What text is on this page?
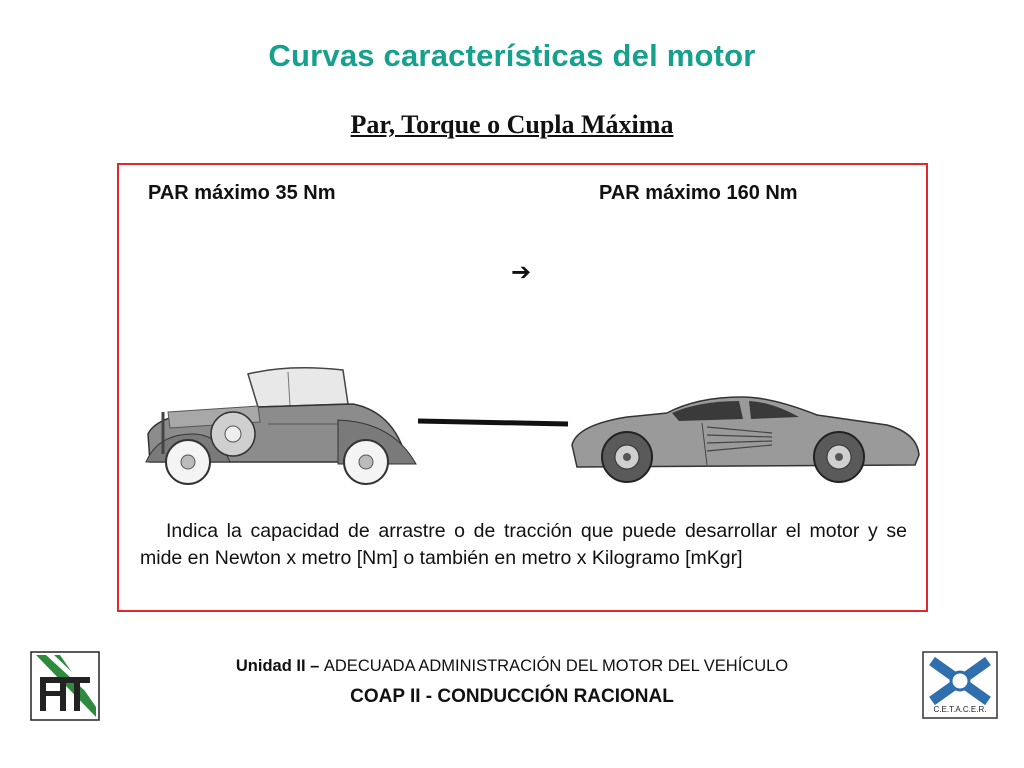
Curvas características del motor
Par, Torque o Cupla Máxima
PAR máximo 35 Nm	PAR máximo 160 Nm
➔
Indica la capacidad de arrastre o de tracción que puede desarrollar el motor y se mide en Newton x metro [Nm] o también en metro x Kilogramo [mKgr]
Unidad II – ADECUADA ADMINISTRACIÓN DEL MOTOR DEL VEHÍCULO
COAP II - CONDUCCIÓN RACIONAL
C.E.T.A.C.E.R.
